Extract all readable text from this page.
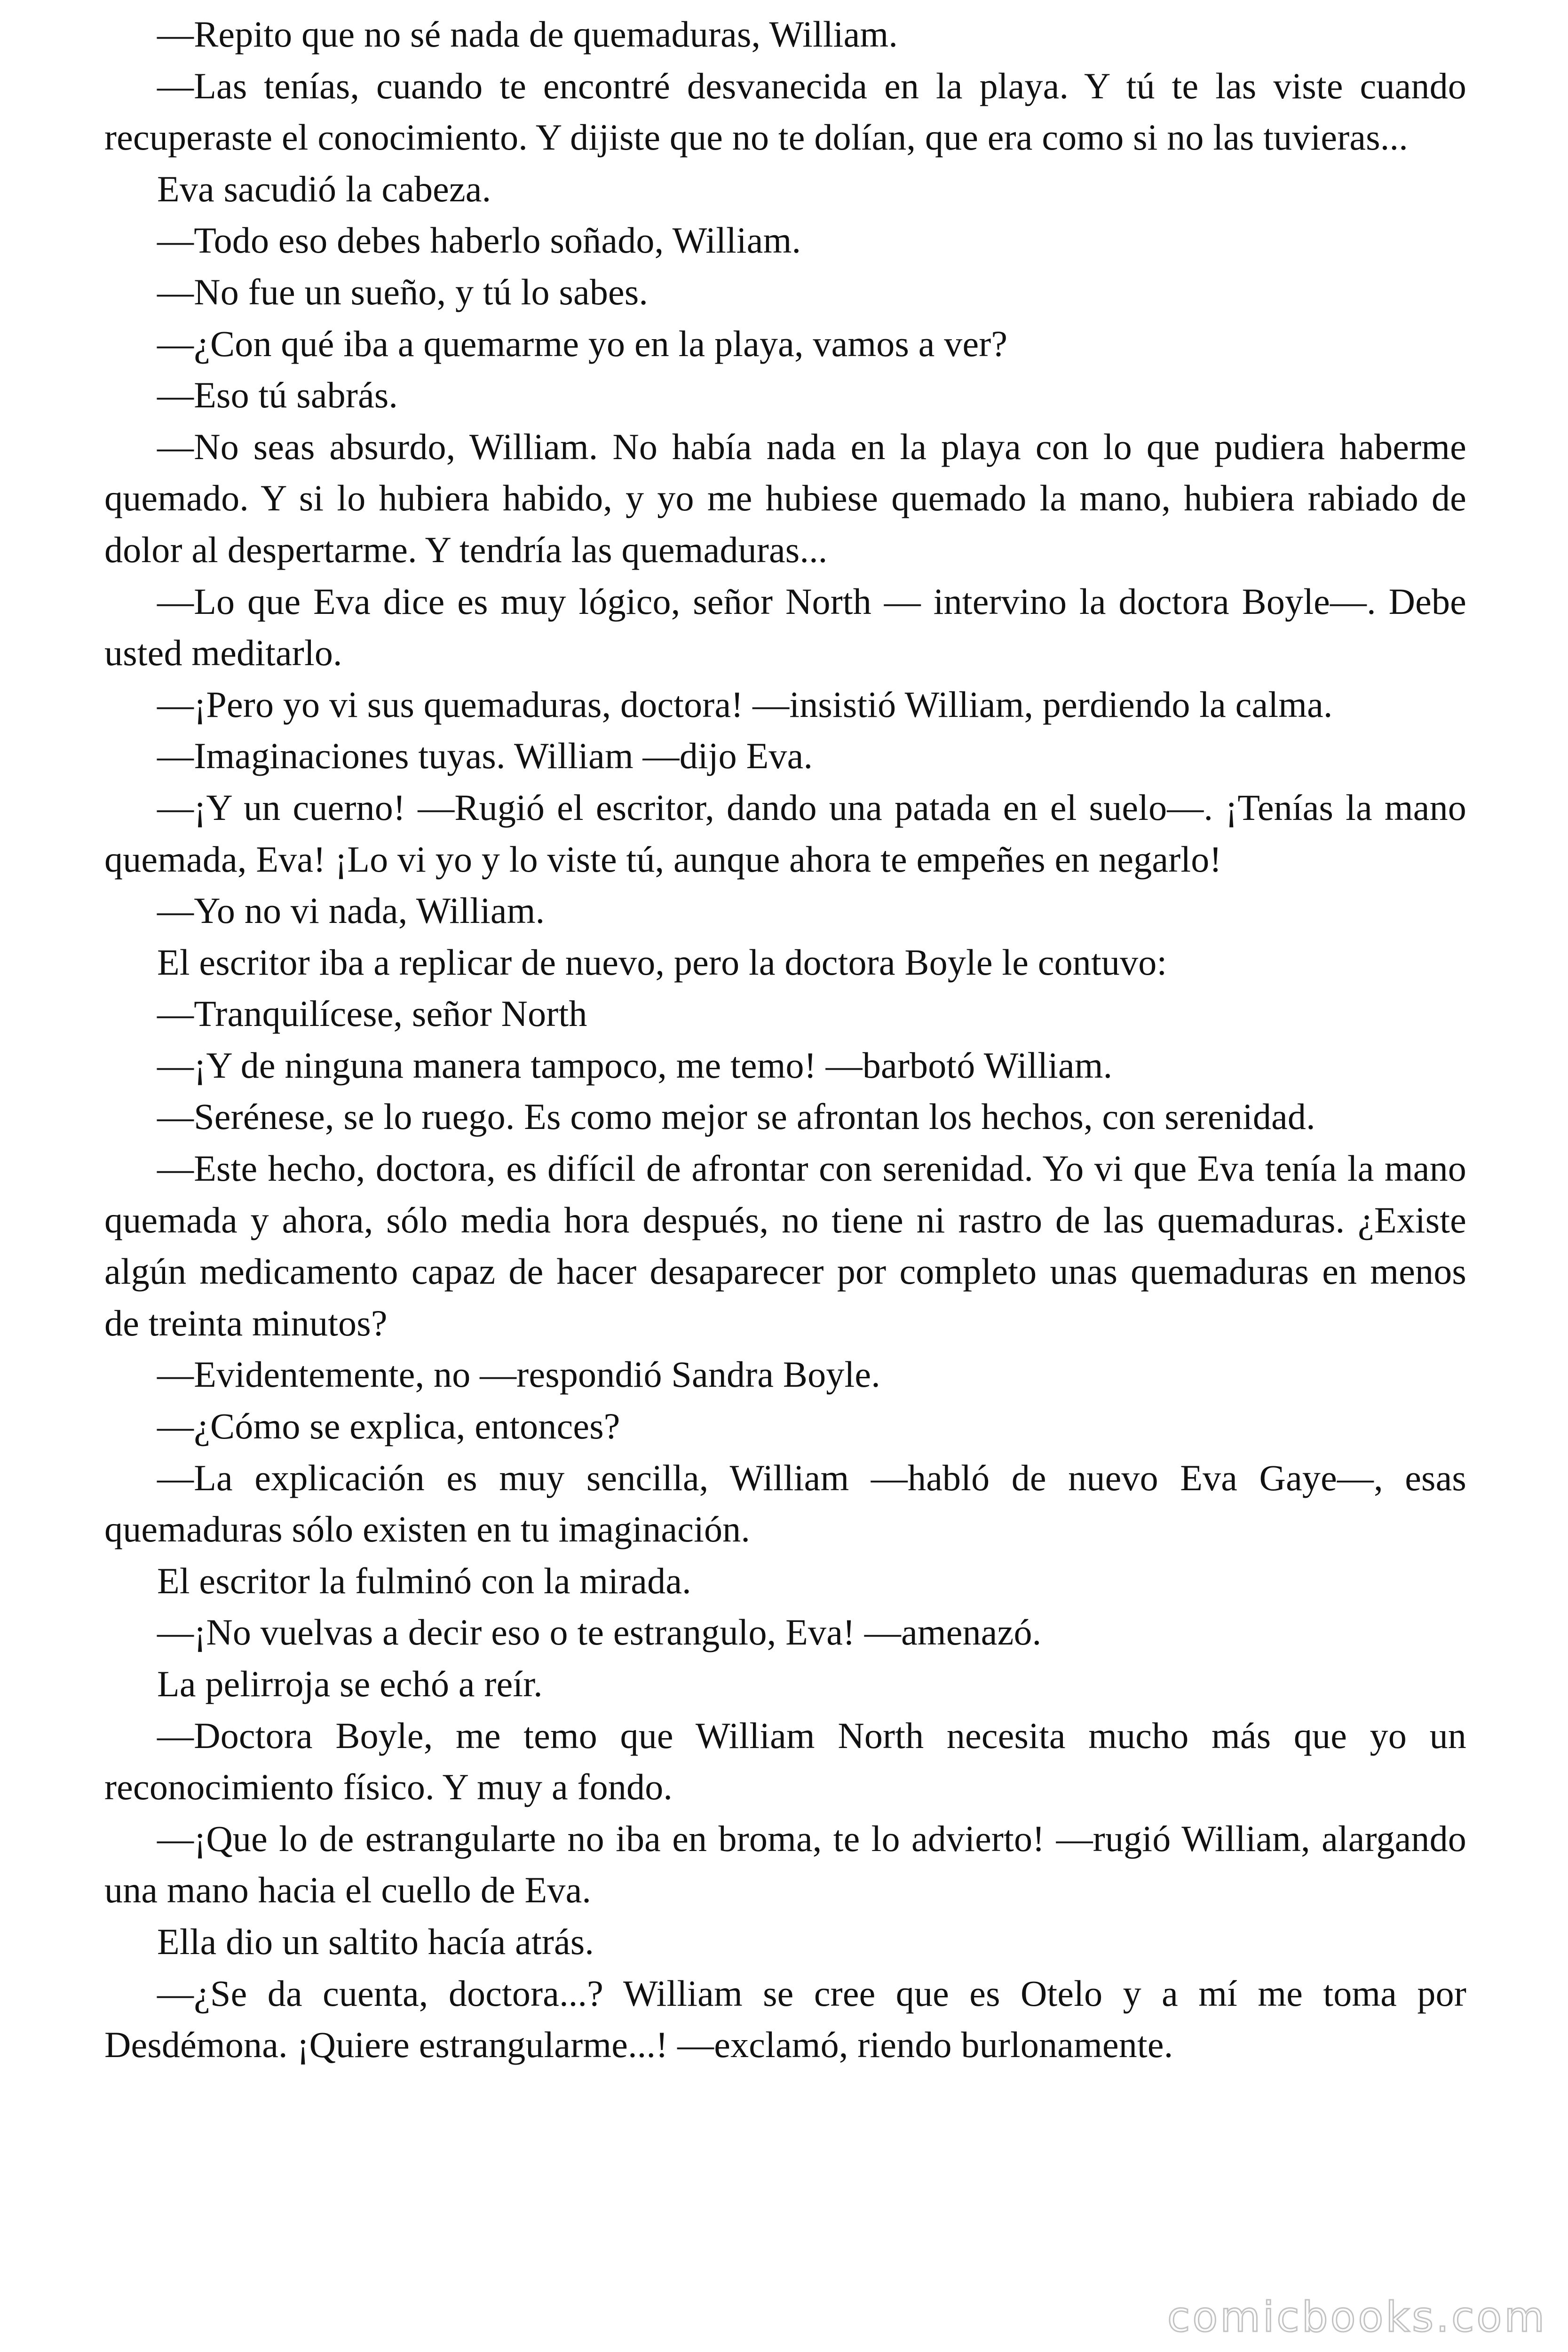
—Repito que no sé nada de quemaduras, William.

—Las tenías, cuando te encontré desvanecida en la playa. Y tú te las viste cuando recuperaste el conocimiento. Y dijiste que no te dolían, que era como si no las tuvieras...

Eva sacudió la cabeza.

—Todo eso debes haberlo soñado, William.

—No fue un sueño, y tú lo sabes.

—¿Con qué iba a quemarme yo en la playa, vamos a ver?

—Eso tú sabrás.

—No seas absurdo, William. No había nada en la playa con lo que pudiera haberme quemado. Y si lo hubiera habido, y yo me hubiese quemado la mano, hubiera rabiado de dolor al despertarme. Y tendría las quemaduras...

—Lo que Eva dice es muy lógico, señor North — intervino la doctora Boyle—. Debe usted meditarlo.

—¡Pero yo vi sus quemaduras, doctora! —insistió William, perdiendo la calma.

—Imaginaciones tuyas. William —dijo Eva.

—¡Y un cuerno! —Rugió el escritor, dando una patada en el suelo—. ¡Tenías la mano quemada, Eva! ¡Lo vi yo y lo viste tú, aunque ahora te empeñes en negarlo!

—Yo no vi nada, William.

El escritor iba a replicar de nuevo, pero la doctora Boyle le contuvo:

—Tranquilícese, señor North

—¡Y de ninguna manera tampoco, me temo! —barbotó William.

—Serénese, se lo ruego. Es como mejor se afrontan los hechos, con serenidad.

—Este hecho, doctora, es difícil de afrontar con serenidad. Yo vi que Eva tenía la mano quemada y ahora, sólo media hora después, no tiene ni rastro de las quemaduras. ¿Existe algún medicamento capaz de hacer desaparecer por completo unas quemaduras en menos de treinta minutos?

—Evidentemente, no —respondió Sandra Boyle.

—¿Cómo se explica, entonces?

—La explicación es muy sencilla, William —habló de nuevo Eva Gaye—, esas quemaduras sólo existen en tu imaginación.

El escritor la fulminó con la mirada.

—¡No vuelvas a decir eso o te estrangulo, Eva! —amenazó.

La pelirroja se echó a reír.

—Doctora Boyle, me temo que William North necesita mucho más que yo un reconocimiento físico. Y muy a fondo.

—¡Que lo de estrangularte no iba en broma, te lo advierto! —rugió William, alargando una mano hacia el cuello de Eva.

Ella dio un saltito hacía atrás.

—¿Se da cuenta, doctora...? William se cree que es Otelo y a mí me toma por Desdémona. ¡Quiere estrangularme...! —exclamó, riendo burlonamente.

comicbooks.com
